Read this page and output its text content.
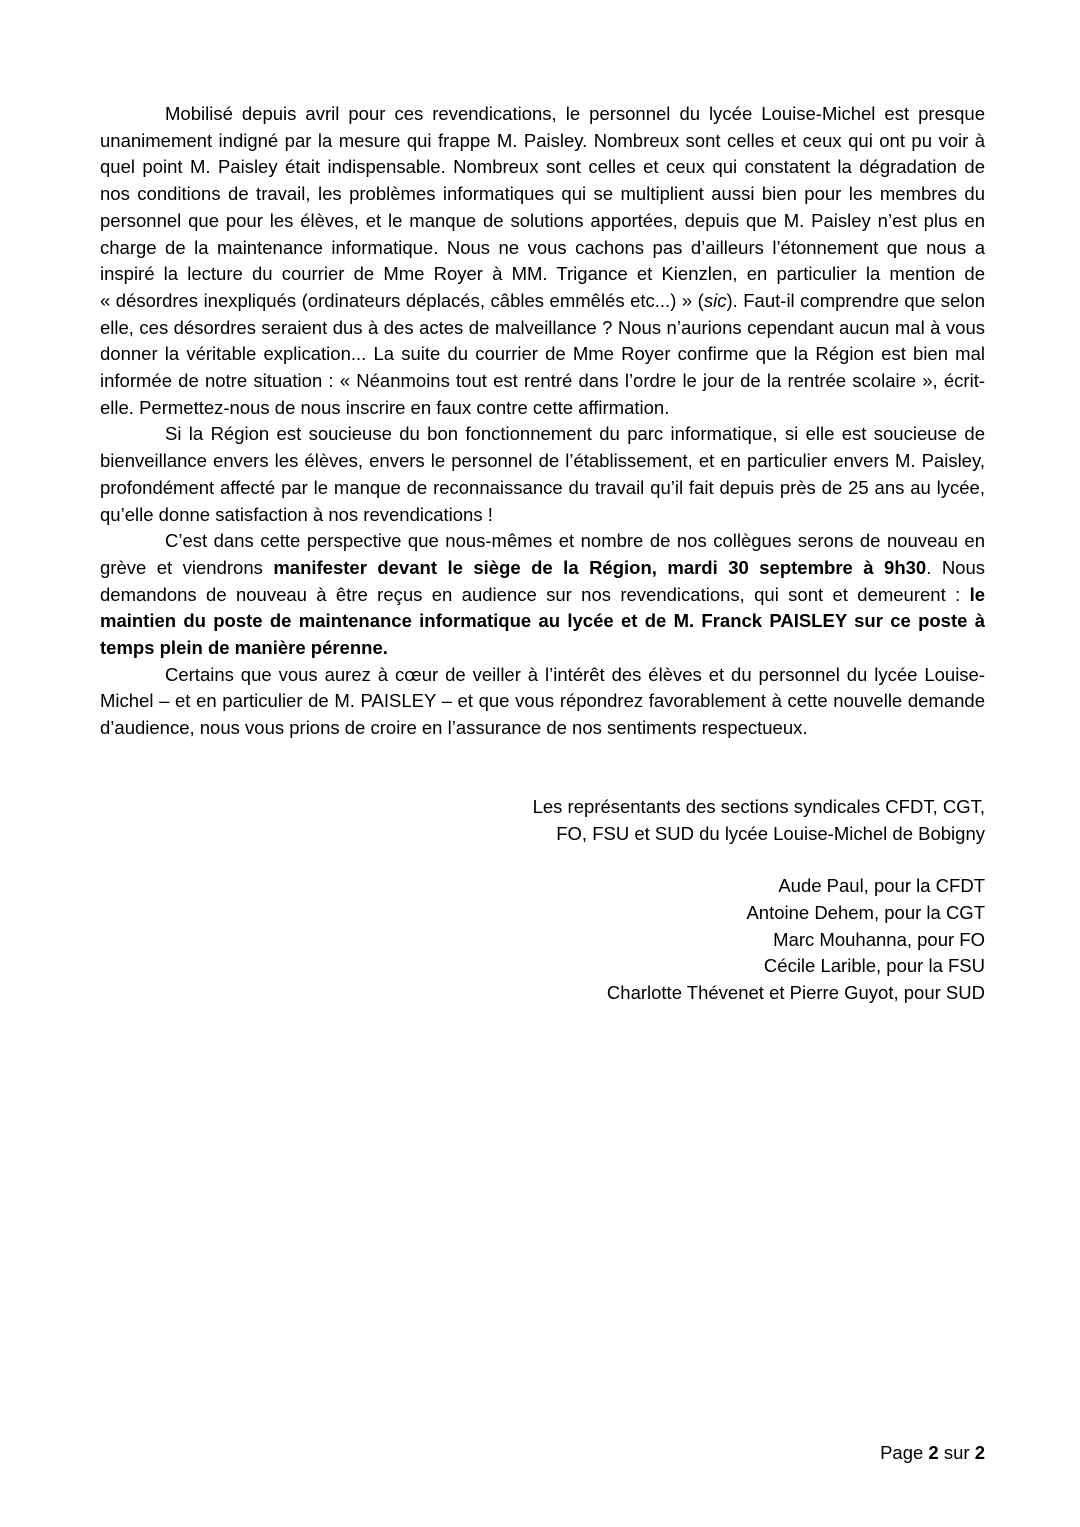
Mobilisé depuis avril pour ces revendications, le personnel du lycée Louise-Michel est presque unanimement indigné par la mesure qui frappe M. Paisley. Nombreux sont celles et ceux qui ont pu voir à quel point M. Paisley était indispensable. Nombreux sont celles et ceux qui constatent la dégradation de nos conditions de travail, les problèmes informatiques qui se multiplient aussi bien pour les membres du personnel que pour les élèves, et le manque de solutions apportées, depuis que M. Paisley n’est plus en charge de la maintenance informatique. Nous ne vous cachons pas d’ailleurs l’étonnement que nous a inspiré la lecture du courrier de Mme Royer à MM. Trigance et Kienzlen, en particulier la mention de « désordres inexpliqués (ordinateurs déplacés, câbles emmêlés etc...) » (sic). Faut-il comprendre que selon elle, ces désordres seraient dus à des actes de malveillance ? Nous n’aurions cependant aucun mal à vous donner la véritable explication... La suite du courrier de Mme Royer confirme que la Région est bien mal informée de notre situation : « Néanmoins tout est rentré dans l’ordre le jour de la rentrée scolaire », écrit-elle. Permettez-nous de nous inscrire en faux contre cette affirmation.

Si la Région est soucieuse du bon fonctionnement du parc informatique, si elle est soucieuse de bienveillance envers les élèves, envers le personnel de l’établissement, et en particulier envers M. Paisley, profondément affecté par le manque de reconnaissance du travail qu’il fait depuis près de 25 ans au lycée, qu’elle donne satisfaction à nos revendications !

C’est dans cette perspective que nous-mêmes et nombre de nos collègues serons de nouveau en grève et viendrons manifester devant le siège de la Région, mardi 30 septembre à 9h30. Nous demandons de nouveau à être reçus en audience sur nos revendications, qui sont et demeurent : le maintien du poste de maintenance informatique au lycée et de M. Franck PAISLEY sur ce poste à temps plein de manière pérenne.

Certains que vous aurez à cœur de veiller à l’intérêt des élèves et du personnel du lycée Louise-Michel – et en particulier de M. PAISLEY – et que vous répondrez favorablement à cette nouvelle demande d’audience, nous vous prions de croire en l’assurance de nos sentiments respectueux.

Les représentants des sections syndicales CFDT, CGT,
FO, FSU et SUD du lycée Louise-Michel de Bobigny
Aude Paul, pour la CFDT
Antoine Dehem, pour la CGT
Marc Mouhanna, pour FO
Cécile Larible, pour la FSU
Charlotte Thévenet et Pierre Guyot, pour SUD
Page 2 sur 2
